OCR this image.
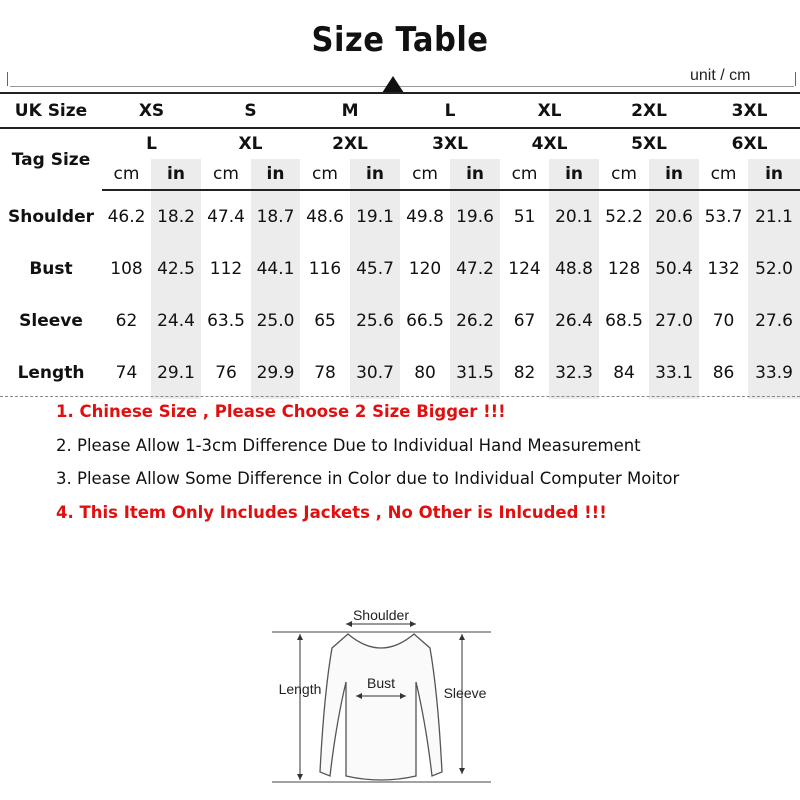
Size Table
unit / cm
UK Size	XS		S		M		L		XL		2XL		3XL	
Tag Size	L		XL		2XL		3XL		4XL		5XL		6XL	
	cm	in	cm	in	cm	in	cm	in	cm	in	cm	in	cm	in
Shoulder	46.2	18.2	47.4	18.7	48.6	19.1	49.8	19.6	51	20.1	52.2	20.6	53.7	21.1
Bust	108	42.5	112	44.1	116	45.7	120	47.2	124	48.8	128	50.4	132	52.0
Sleeve	62	24.4	63.5	25.0	65	25.6	66.5	26.2	67	26.4	68.5	27.0	70	27.6
Length	74	29.1	76	29.9	78	30.7	80	31.5	82	32.3	84	33.1	86	33.9

1. Chinese Size , Please Choose 2 Size Bigger !!!

2. Please Allow 1-3cm Difference Due to Individual Hand Measurement

3. Please Allow Some Difference in Color due to Individual Computer Moitor

4. This Item Only Includes Jackets , No Other is Inlcuded !!!

Shoulder
Length	Sleeve
Bust
